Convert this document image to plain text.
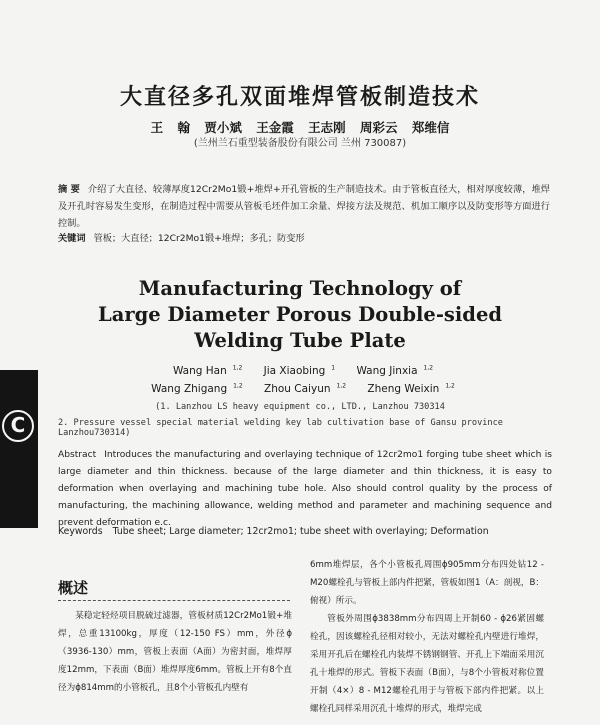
大直径多孔双面堆焊管板制造技术
王 翰 贾小斌 王金霞 王志刚 周彩云 郑维信
(兰州兰石重型装备股份有限公司 兰州 730087)
摘 要 介绍了大直径、较薄厚度12Cr2Mo1锻+堆焊+开孔管板的生产制造技术。由于管板直径大，相对厚度较薄，堆焊及开孔时容易发生变形，在制造过程中需要从管板毛坯件加工余量、焊接方法及规范、机加工顺序以及防变形等方面进行控制。
关键词 管板；大直径；12Cr2Mo1锻+堆焊；多孔；防变形
Manufacturing Technology of
Large Diameter Porous Double-sided
Welding Tube Plate
Wang Han $^{1,2}$ Jia Xiaobing $^1$ Wang Jinxia $^{1,2}$
Wang Zhigang $^{1,2}$ Zhou Caiyun $^{1,2}$ Zheng Weixin $^{1,2}$
(1. Lanzhou LS heavy equipment co., LTD., Lanzhou 730314
2. Pressure vessel special material welding key lab cultivation base of Gansu province Lanzhou730314)
Abstract Introduces the manufacturing and overlaying technique of 12cr2mo1 forging tube sheet which is large diameter and thin thickness. because of the large diameter and thin thickness, it is easy to deformation when overlaying and machining tube hole. Also should control quality by the process of manufacturing, the machining allowance, welding method and parameter and machining sequence and prevent deformation e.c.
Keywords Tube sheet; Large diameter; 12cr2mo1; tube sheet with overlaying; Deformation
概述

某稳定轻烃项目脱硫过滤器，管板材质12Cr2Mo1锻+堆焊，总重13100kg，厚度（12-150 FS）mm，外径ϕ（3936-130）mm，管板上表面（A面）为密封面，堆焊厚度12mm，下表面（B面）堆焊厚度6mm。管板上开有8个直径为ϕ814mm的小管板孔，且8个小管板孔内壁有

6mm堆焊层，各个小管板孔周围ϕ905mm分布四处钻12 - M20螺栓孔与管板上部内件把紧，管板如图1（A：剖视，B：俯视）所示。

管板外周围ϕ3838mm分布四周上开制60 - ϕ26紧固螺栓孔，因该螺栓孔径相对较小，无法对螺栓孔内壁进行堆焊，采用开孔后在螺栓孔内装焊不锈钢钢管、开孔上下端面采用沉孔十堆焊的形式。管板下表面（B面），与8个小管板对称位置开制（4×）8 - M12螺栓孔用于与管板下部内件把紧。以上螺栓孔同样采用沉孔十堆焊的形式，堆焊完成

C
